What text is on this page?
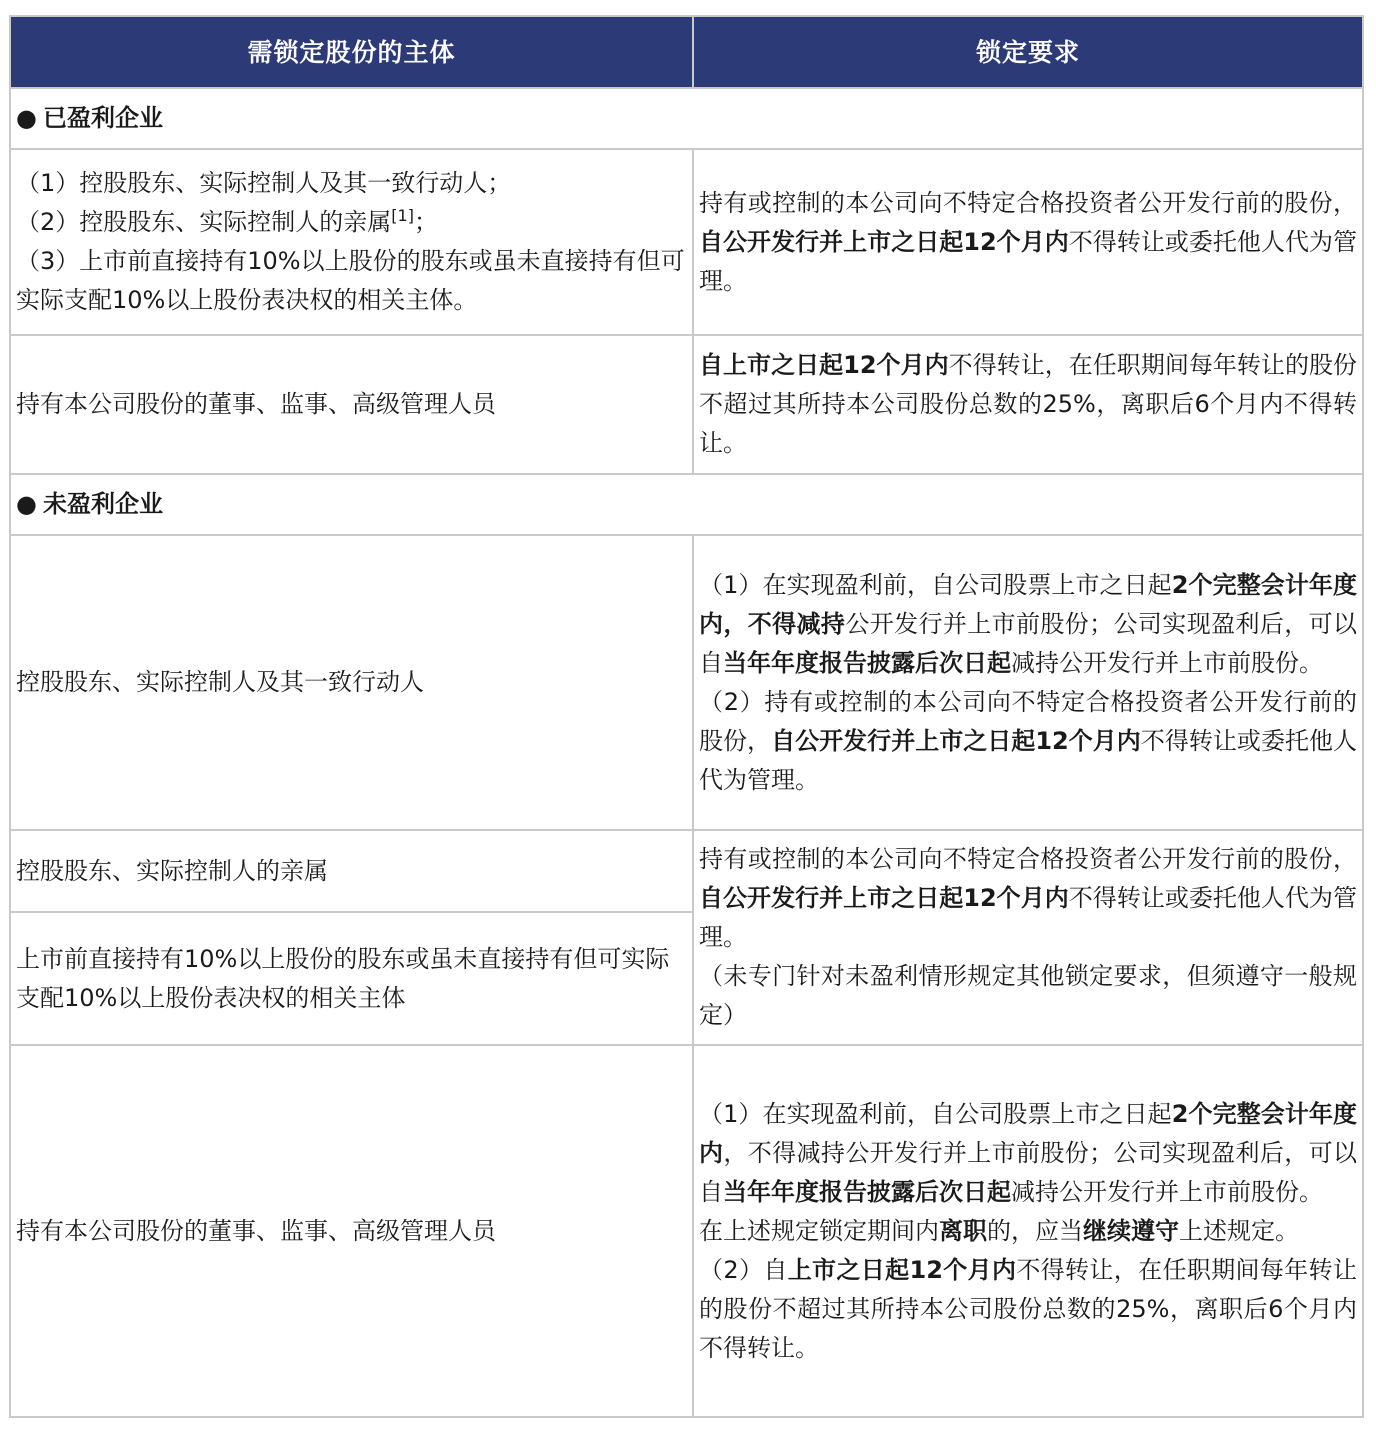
需锁定股份的主体	锁定要求
● 已盈利企业	

（1）控股股东、实际控制人及其一致行动人；
（2）控股股东、实际控制人的亲属[1]；
（3）上市前直接持有10%以上股份的股东或虽未直接持有但可实际支配10%以上股份表决权的相关主体。	持有或控制的本公司向不特定合格投资者公开发行前的股份，自公开发行并上市之日起12个月内不得转让或委托他人代为管理。
持有本公司股份的董事、监事、高级管理人员	自上市之日起12个月内不得转让，在任职期间每年转让的股份不超过其所持本公司股份总数的25%，离职后6个月内不得转让。
● 未盈利企业	
控股股东、实际控制人及其一致行动人	（1）在实现盈利前，自公司股票上市之日起2个完整会计年度内，不得减持公开发行并上市前股份；公司实现盈利后，可以自当年年度报告披露后次日起减持公开发行并上市前股份。
（2）持有或控制的本公司向不特定合格投资者公开发行前的股份，自公开发行并上市之日起12个月内不得转让或委托他人代为管理。

控股股东、实际控制人的亲属	持有或控制的本公司向不特定合格投资者公开发行前的股份，自公开发行并上市之日起12个月内不得转让或委托他人代为管理。
（未专门针对未盈利情形规定其他锁定要求，但须遵守一般规定）

上市前直接持有10%以上股份的股东或虽未直接持有但可实际支配10%以上股份表决权的相关主体	
持有本公司股份的董事、监事、高级管理人员	（1）在实现盈利前，自公司股票上市之日起2个完整会计年度内，不得减持公开发行并上市前股份；公司实现盈利后，可以自当年年度报告披露后次日起减持公开发行并上市前股份。
在上述规定锁定期间内离职的，应当继续遵守上述规定。
（2）自上市之日起12个月内不得转让，在任职期间每年转让的股份不超过其所持本公司股份总数的25%，离职后6个月内不得转让。
